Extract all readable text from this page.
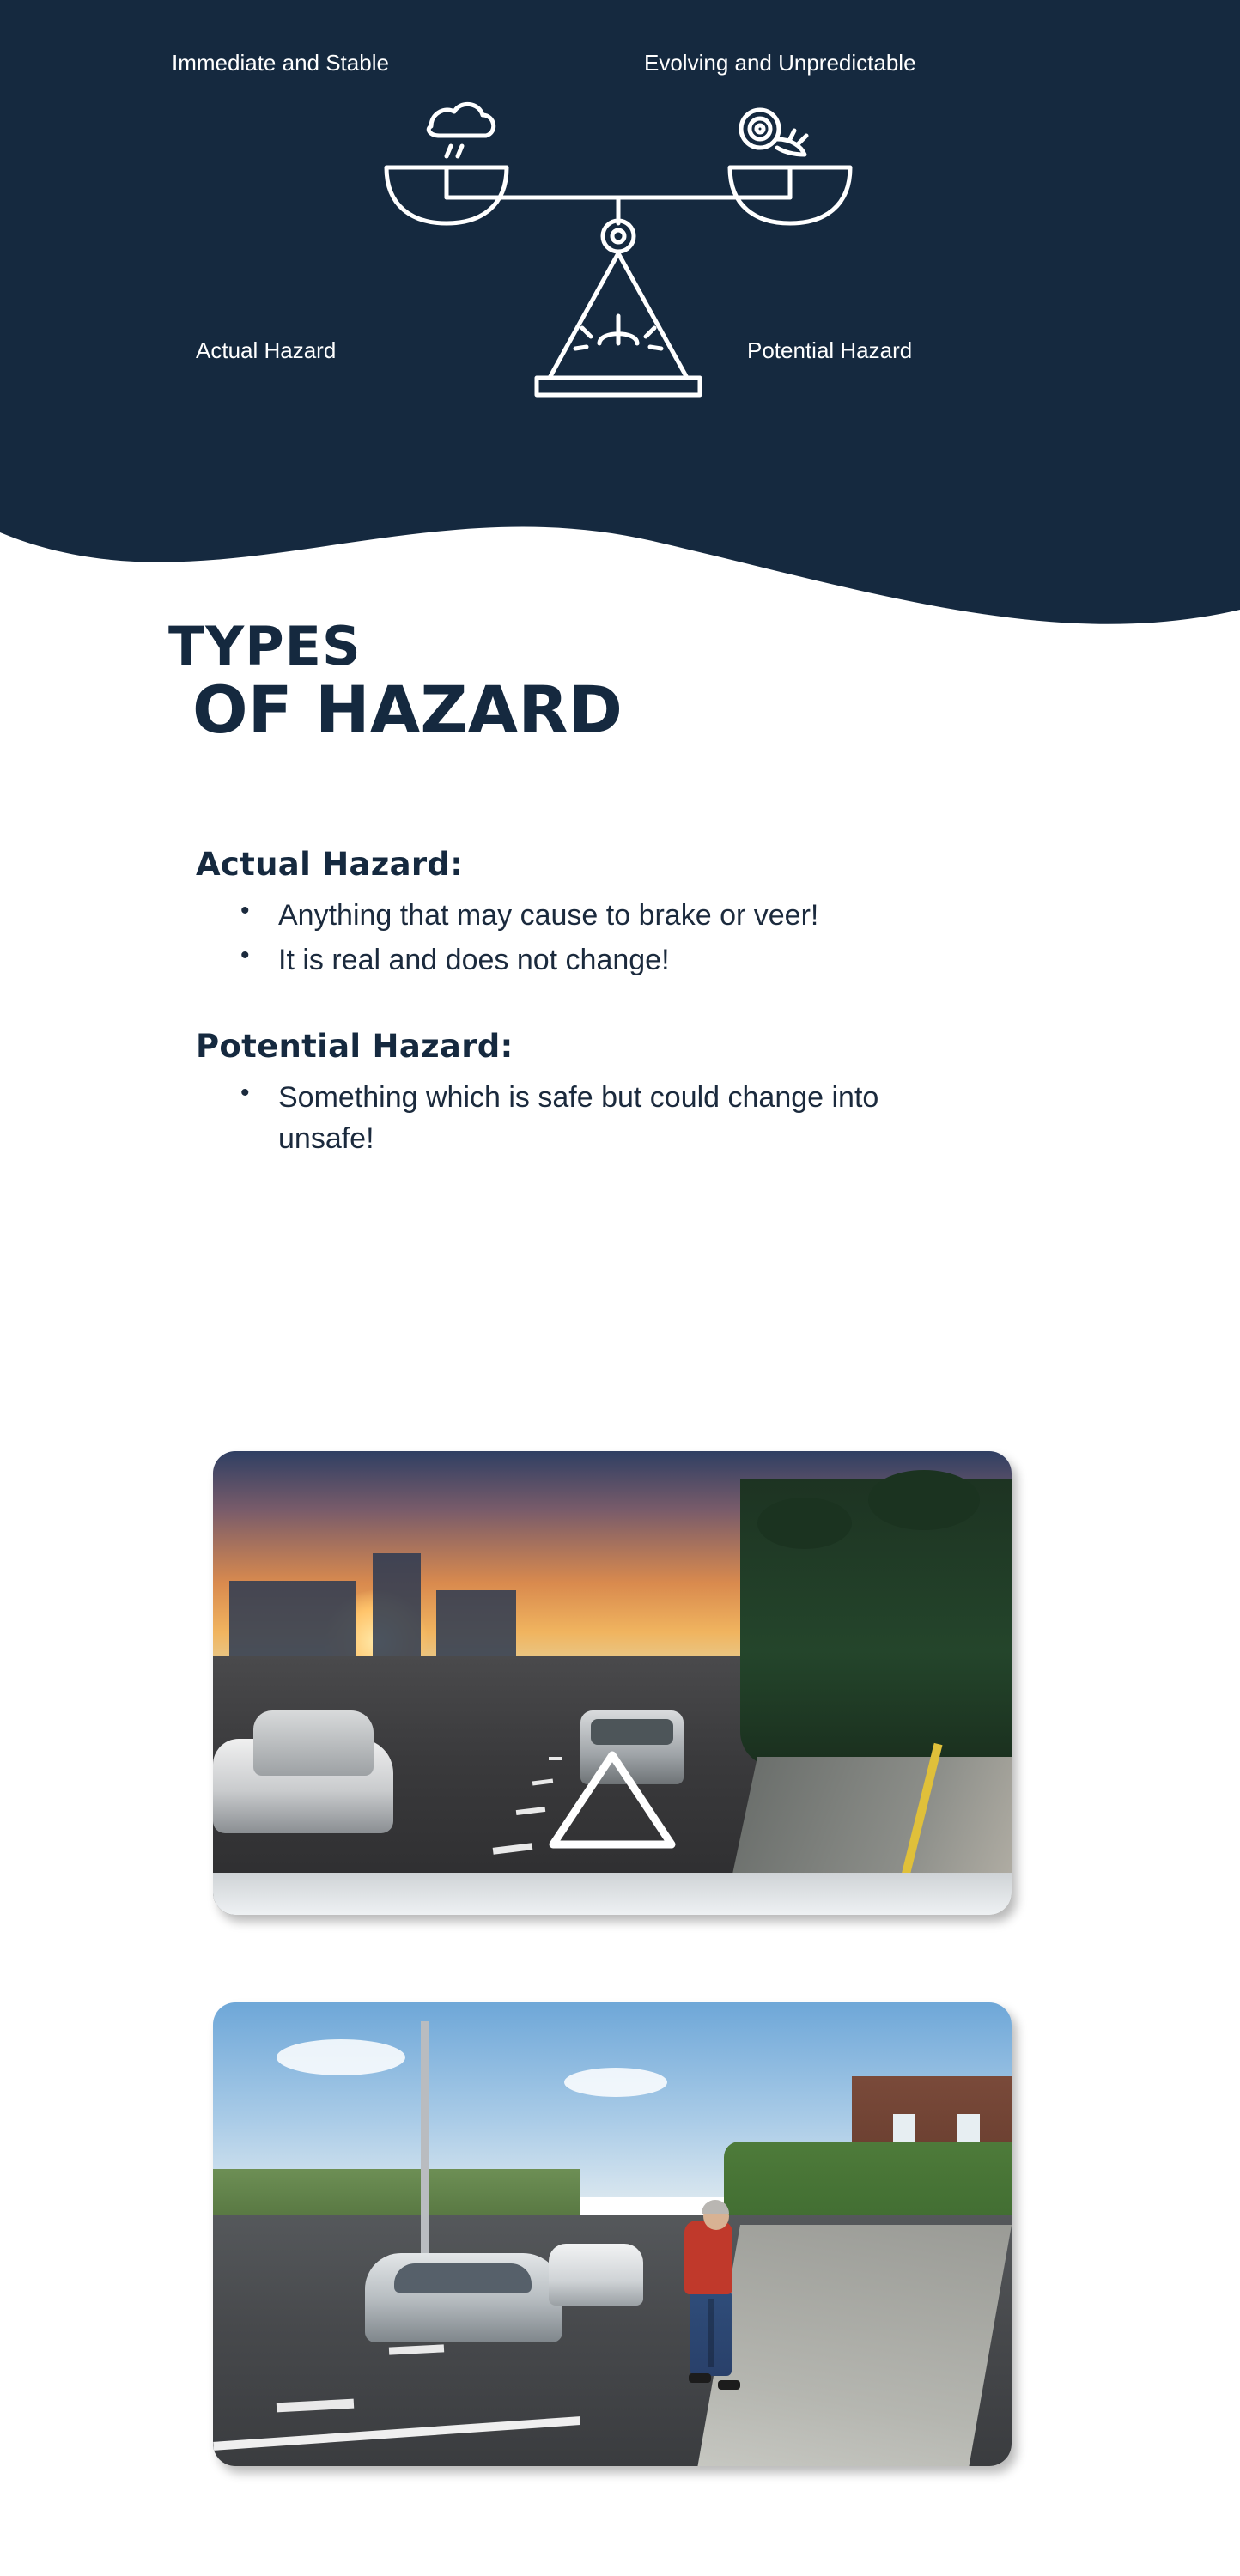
Immediate and Stable	Evolving and Unpredictable
Actual Hazard	Potential Hazard
TYPES
OF HAZARD
Actual Hazard:
• Anything that may cause to brake or veer!
• It is real and does not change!
Potential Hazard:
• Something which is safe but could change into unsafe!
